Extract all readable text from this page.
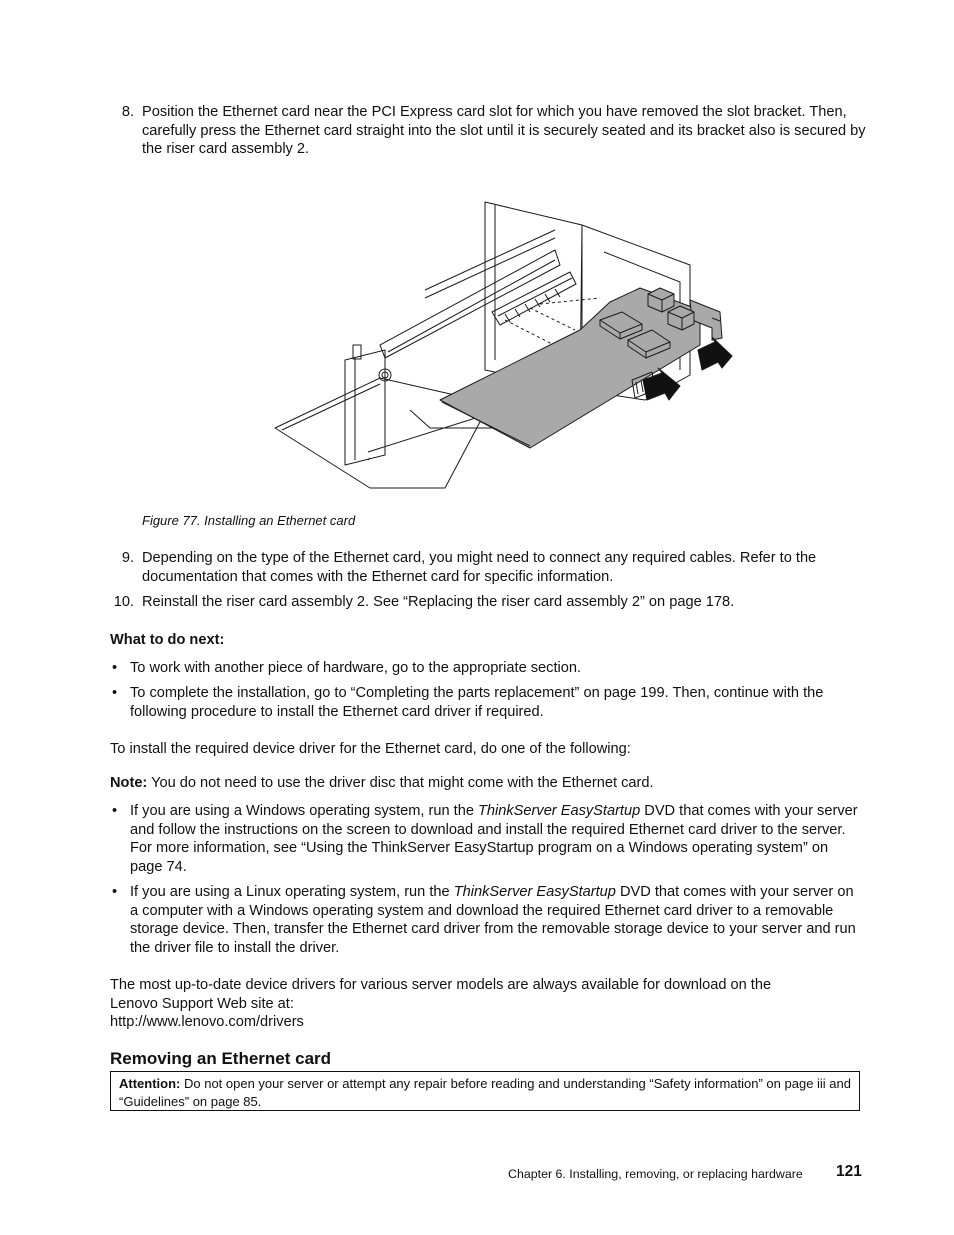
8. Position the Ethernet card near the PCI Express card slot for which you have removed the slot bracket. Then, carefully press the Ethernet card straight into the slot until it is securely seated and its bracket also is secured by the riser card assembly 2.

Figure 77. Installing an Ethernet card
9. Depending on the type of the Ethernet card, you might need to connect any required cables. Refer to the documentation that comes with the Ethernet card for specific information.

10. Reinstall the riser card assembly 2. See “Replacing the riser card assembly 2” on page 178.

What to do next:
• To work with another piece of hardware, go to the appropriate section.

• To complete the installation, go to “Completing the parts replacement” on page 199. Then, continue with the following procedure to install the Ethernet card driver if required.

To install the required device driver for the Ethernet card, do one of the following:

Note: You do not need to use the driver disc that might come with the Ethernet card.

• If you are using a Windows operating system, run the ThinkServer EasyStartup DVD that comes with your server and follow the instructions on the screen to download and install the required Ethernet card driver to the server. For more information, see “Using the ThinkServer EasyStartup program on a Windows operating system” on page 74.

• If you are using a Linux operating system, run the ThinkServer EasyStartup DVD that comes with your server on a computer with a Windows operating system and download the required Ethernet card driver to a removable storage device. Then, transfer the Ethernet card driver from the removable storage device to your server and run the driver file to install the driver.

The most up-to-date device drivers for various server models are always available for download on the
Lenovo Support Web site at:
http://www.lenovo.com/drivers
Removing an Ethernet card
Attention: Do not open your server or attempt any repair before reading and understanding “Safety information” on page iii and “Guidelines” on page 85.
Chapter 6. Installing, removing, or replacing hardware 121
